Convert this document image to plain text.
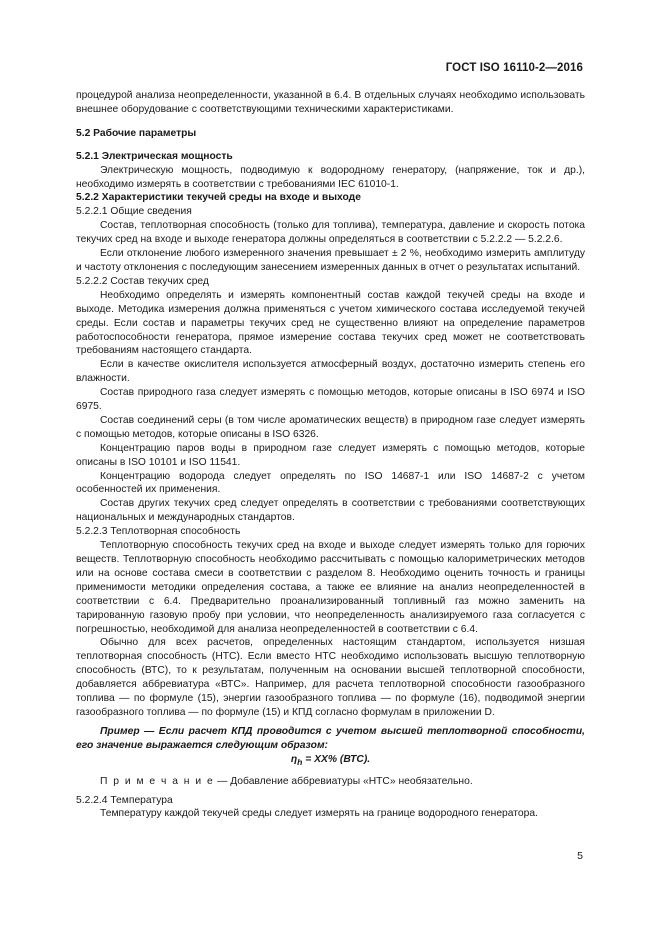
ГОСТ ISO 16110-2—2016

процедурой анализа неопределенности, указанной в 6.4. В отдельных случаях необходимо использовать внешнее оборудование с соответствующими техническими характеристиками.

5.2 Рабочие параметры

5.2.1 Электрическая мощность

Электрическую мощность, подводимую к водородному генератору, (напряжение, ток и др.), необходимо измерять в соответствии с требованиями IEC 61010-1.

5.2.2 Характеристики текучей среды на входе и выходе

5.2.2.1 Общие сведения

Состав, теплотворная способность (только для топлива), температура, давление и скорость потока текучих сред на входе и выходе генератора должны определяться в соответствии с 5.2.2.2 — 5.2.2.6.

Если отклонение любого измеренного значения превышает ± 2 %, необходимо измерить амплитуду и частоту отклонения с последующим занесением измеренных данных в отчет о результатах испытаний.

5.2.2.2 Состав текучих сред

Необходимо определять и измерять компонентный состав каждой текучей среды на входе и выходе. Методика измерения должна применяться с учетом химического состава исследуемой текучей среды. Если состав и параметры текучих сред не существенно влияют на определение параметров работоспособности генератора, прямое измерение состава текучих сред может не соответствовать требованиям настоящего стандарта.

Если в качестве окислителя используется атмосферный воздух, достаточно измерить степень его влажности.

Состав природного газа следует измерять с помощью методов, которые описаны в ISO 6974 и ISO 6975.

Состав соединений серы (в том числе ароматических веществ) в природном газе следует измерять с помощью методов, которые описаны в ISO 6326.

Концентрацию паров воды в природном газе следует измерять с помощью методов, которые описаны в ISO 10101 и ISO 11541.

Концентрацию водорода следует определять по ISO 14687-1 или ISO 14687-2 с учетом особенностей их применения.

Состав других текучих сред следует определять в соответствии с требованиями соответствующих национальных и международных стандартов.

5.2.2.3 Теплотворная способность

Теплотворную способность текучих сред на входе и выходе следует измерять только для горючих веществ. Теплотворную способность необходимо рассчитывать с помощью калориметрических методов или на основе состава смеси в соответствии с разделом 8. Необходимо оценить точность и границы применимости методики определения состава, а также ее влияние на анализ неопределенностей в соответствии с 6.4. Предварительно проанализированный топливный газ можно заменить на тарированную газовую пробу при условии, что неопределенность анализируемого газа согласуется с погрешностью, необходимой для анализа неопределенностей в соответствии с 6.4.

Обычно для всех расчетов, определенных настоящим стандартом, используется низшая теплотворная способность (НТС). Если вместо НТС необходимо использовать высшую теплотворную способность (ВТС), то к результатам, полученным на основании высшей теплотворной способности, добавляется аббревиатура «ВТС». Например, для расчета теплотворной способности газообразного топлива — по формуле (15), энергии газообразного топлива — по формуле (16), подводимой энергии газообразного топлива — по формуле (15) и КПД согласно формулам в приложении D.

Пример — Если расчет КПД проводится с учетом высшей теплотворной способности, его значение выражается следующим образом:

$\eta_h = XX\%$ (ВТС).

П р и м е ч а н и е — Добавление аббревиатуры «НТС» необязательно.

5.2.2.4 Температура

Температуру каждой текучей среды следует измерять на границе водородного генератора.

5
